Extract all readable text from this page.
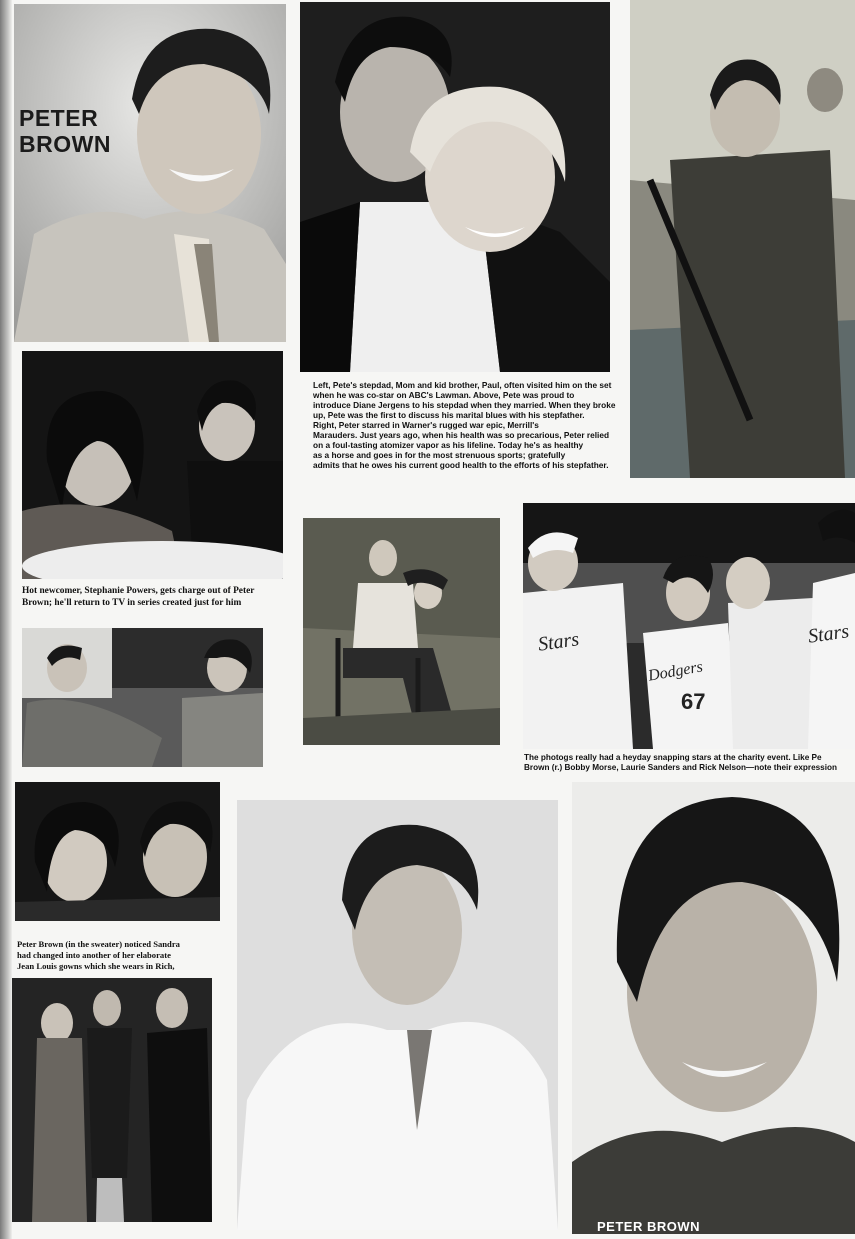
PETER
BROWN
Hot newcomer, Stephanie Powers, gets charge out of Peter
Brown; he'll return to TV in series created just for him
Left, Pete's stepdad, Mom and kid brother, Paul, often visited him on the set
when he was co-star on ABC's Lawman. Above, Pete was proud to
introduce Diane Jergens to his stepdad when they married. When they broke
up, Pete was the first to discuss his marital blues with his stepfather.
Right, Peter starred in Warner's rugged war epic, Merrill's
Marauders. Just years ago, when his health was so precarious, Peter relied
on a foul-tasting atomizer vapor as his lifeline. Today he's as healthy
as a horse and goes in for the most strenuous sports; gratefully
admits that he owes his current good health to the efforts of his stepfather.
Stars
Dodgers
67
Stars
The photogs really had a heyday snapping stars at the charity event. Like Pe
Brown (r.) Bobby Morse, Laurie Sanders and Rick Nelson—note their expression
Peter Brown (in the sweater) noticed Sandra
had changed into another of her elaborate
Jean Louis gowns which she wears in Rich,
PETER BROWN
